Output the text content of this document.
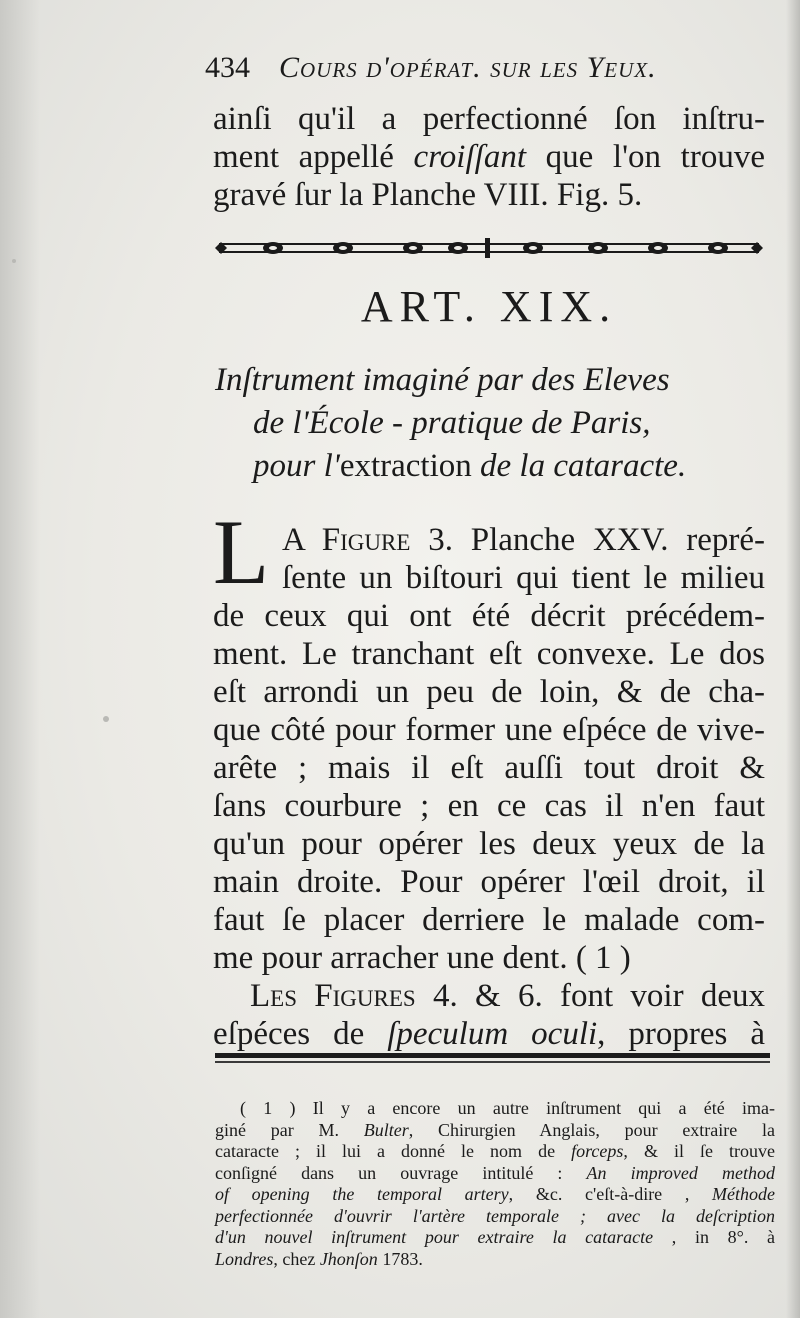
434 Cours d'opérat. sur les Yeux.
ainſi qu'il a perfectionné ſon inſtru-
ment appellé croiſſant que l'on trouve
gravé ſur la Planche VIII. Fig. 5.
ART. XIX.
Inſtrument imaginé par des Eleves
de l'École - pratique de Paris,
pour l'extraction de la cataracte.
L A Figure 3. Planche XXV. repré-
ſente un biſtouri qui tient le milieu
de ceux qui ont été décrit précédem-
ment. Le tranchant eſt convexe. Le dos
eſt arrondi un peu de loin, & de cha-
que côté pour former une eſpéce de vive-
arête ; mais il eſt auſſi tout droit &
ſans courbure ; en ce cas il n'en faut
qu'un pour opérer les deux yeux de la
main droite. Pour opérer l'œil droit, il
faut ſe placer derriere le malade com-
me pour arracher une dent. ( 1 )
Les Figures 4. & 6. font voir deux
eſpéces de ſpeculum oculi, propres à
( 1 ) Il y a encore un autre inſtrument qui a été ima-
giné par M. Bulter, Chirurgien Anglais, pour extraire la
cataracte ; il lui a donné le nom de forceps, & il ſe trouve
conſigné dans un ouvrage intitulé : An improved method
of opening the temporal artery, &c. c'eſt-à-dire , Méthode
perfectionnée d'ouvrir l'artère temporale ; avec la deſcription
d'un nouvel inſtrument pour extraire la cataracte , in 8°. à
Londres, chez Jhonſon 1783.
